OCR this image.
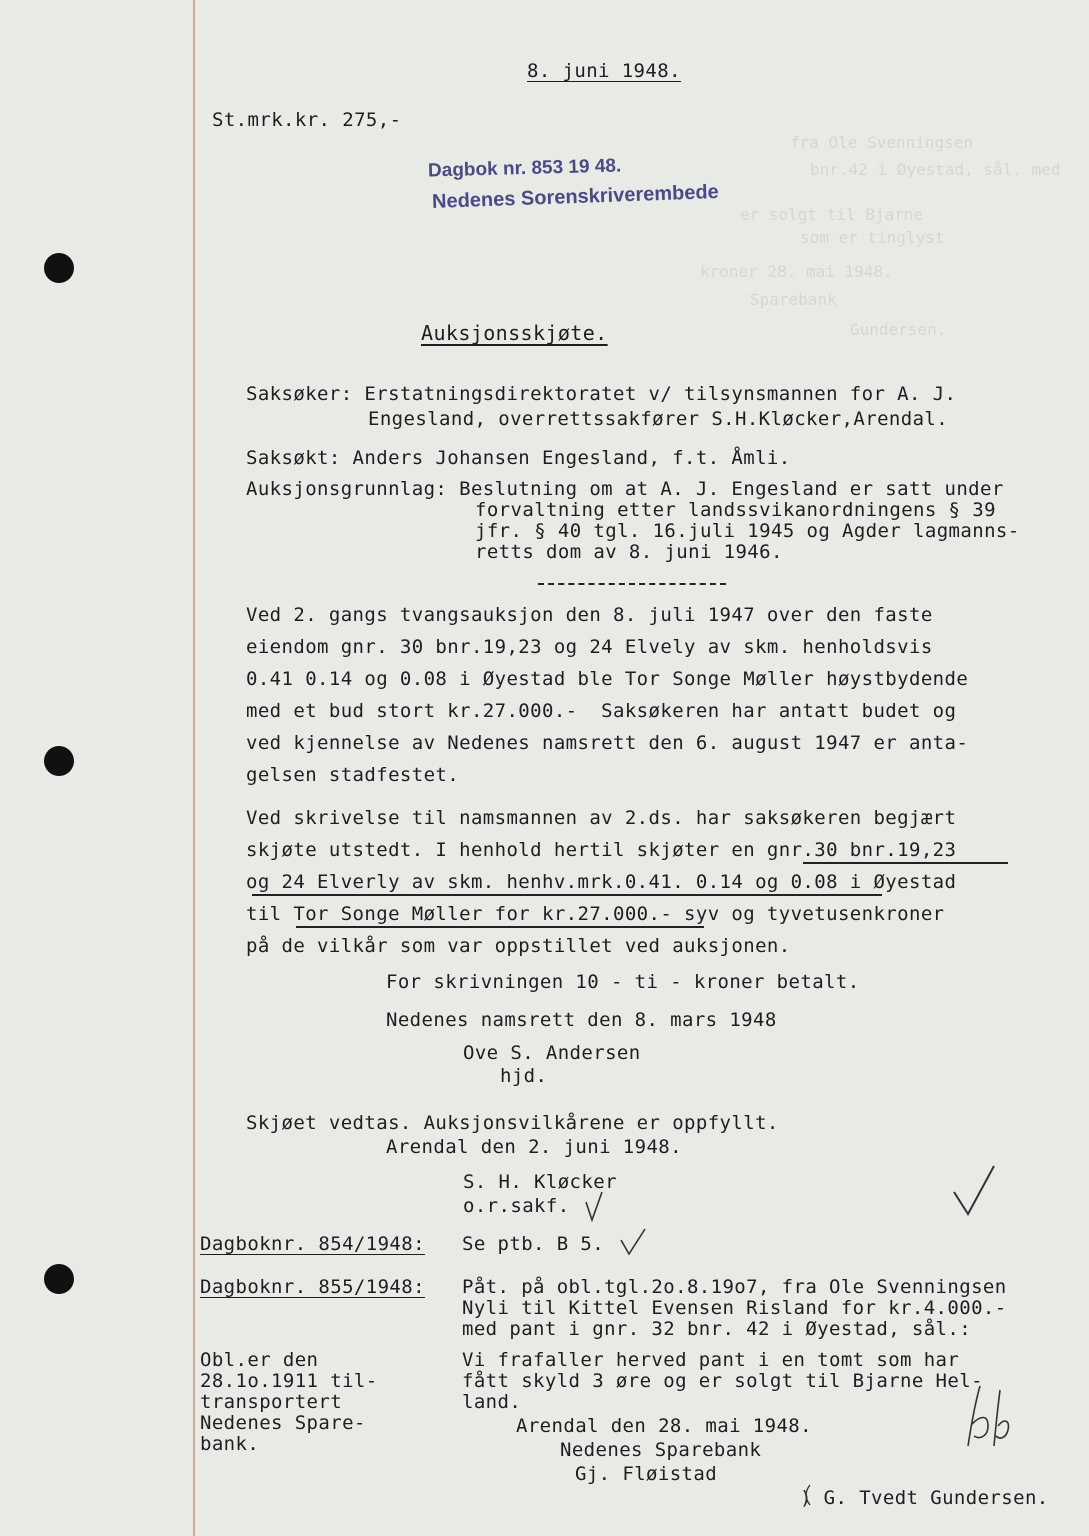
fra Ole Svenningsen
bnr.42 i Øyestad, sål. med
er solgt til Bjarne
som er tinglyst
kroner 28. mai 1948.
Sparebank
Gundersen.
8. juni 1948.
St.mrk.kr. 275,-
Dagbok nr. 853 19 48.
Nedenes Sorenskriverembede
Auksjonsskjøte.
Saksøker: Erstatningsdirektoratet v/ tilsynsmannen for A. J.
Engesland, overrettssakfører S.H.Kløcker,Arendal.
Saksøkt: Anders Johansen Engesland, f.t. Åmli.
Auksjonsgrunnlag: Beslutning om at A. J. Engesland er satt under
forvaltning etter landssvikanordningens § 39
jfr. § 40 tgl. 16.juli 1945 og Agder lagmanns-
retts dom av 8. juni 1946.
Ved 2. gangs tvangsauksjon den 8. juli 1947 over den faste
eiendom gnr. 30 bnr.19,23 og 24 Elvely av skm. henholdsvis
0.41 0.14 og 0.08 i Øyestad ble Tor Songe Møller høystbydende
med et bud stort kr.27.000.-  Saksøkeren har antatt budet og
ved kjennelse av Nedenes namsrett den 6. august 1947 er anta-
gelsen stadfestet.
Ved skrivelse til namsmannen av 2.ds. har saksøkeren begjært
skjøte utstedt. I henhold hertil skjøter en gnr.30 bnr.19,23
og 24 Elverly av skm. henhv.mrk.0.41. 0.14 og 0.08 i Øyestad
til Tor Songe Møller for kr.27.000.- syv og tyvetusenkroner
på de vilkår som var oppstillet ved auksjonen.
For skrivningen 10 - ti - kroner betalt.
Nedenes namsrett den 8. mars 1948
Ove S. Andersen
hjd.
Skjøet vedtas. Auksjonsvilkårene er oppfyllt.
Arendal den 2. juni 1948.
S. H. Kløcker
o.r.sakf.
Dagboknr. 854/1948: Se ptb. B 5.
Dagboknr. 855/1948: Påt. på obl.tgl.2o.8.19o7, fra Ole Svenningsen
Nyli til Kittel Evensen Risland for kr.4.000.-
med pant i gnr. 32 bnr. 42 i Øyestad, sål.:
Vi frafaller herved pant i en tomt som har
fått skyld 3 øre og er solgt til Bjarne Hel-
land.
Arendal den 28. mai 1948.
Nedenes Sparebank
Gj. Fløistad
) G. Tvedt Gundersen.
Obl.er den
28.1o.1911 til-
transportert
Nedenes Spare-
bank.
